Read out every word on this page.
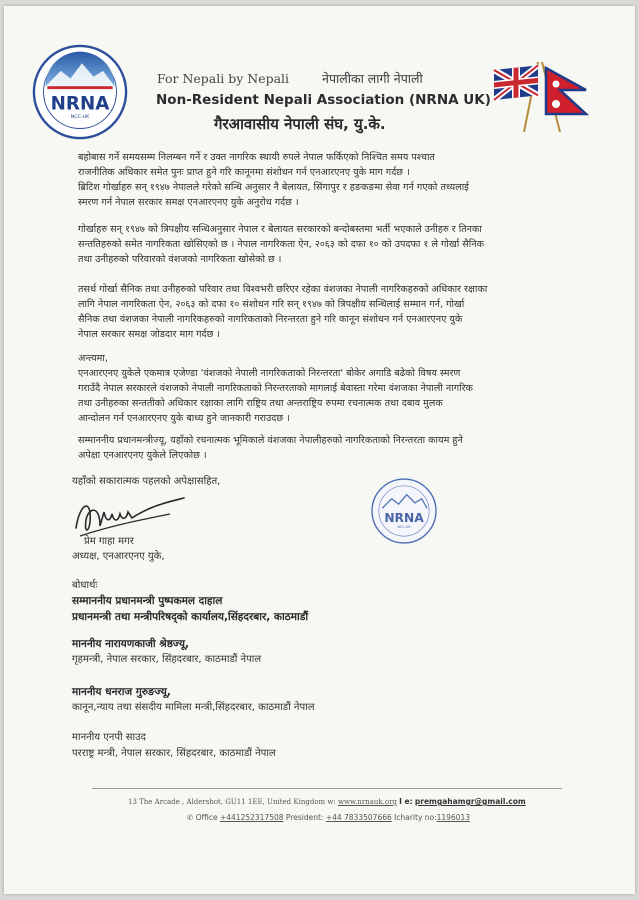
NRNA
NCC-UK
For Nepali by Nepali	नेपालीका लागी नेपाली
Non-Resident Nepali Association (NRNA UK)
गैरआवासीय नेपाली संघ, यु.के.
बहोबास गर्ने समयसम्म निलम्बन गर्ने र उक्त नागरिक स्थायी रुपले नेपाल फर्किएको निश्चित समय पश्चात
राजनीतिक अधिकार समेत पुनः प्राप्त हुने गरि कानूनमा संशोधन गर्न एनआरएनए युके माग गर्दछ ।
ब्रिटिश गोर्खाहरु सन् १९४७ नेपालले गरेको सन्धि अनुसार नै बेलायत, सिंगापुर र हङकङमा सेवा गर्न गएको तथ्यलाई
स्मरण गर्न नेपाल सरकार समक्ष एनआरएनए युके अनुरोध गर्दछ ।
गोर्खाहरु सन् १९४७ को त्रिपक्षीय सन्धिअनुसार नेपाल र बेलायत सरकारको बन्दोबस्तमा भर्ती भएकाले उनीहरु र तिनका
सन्ततिहरुको समेत नागरिकता खोसिएको छ । नेपाल नागरिकता ऐन, २०६३ को दफा १० को उपदफा १ ले गोर्खा सैनिक
तथा उनीहरुको परिवारको वंशजको नागरिकता खोसेको छ ।
तसर्थ गोर्खा सैनिक तथा उनीहरुको परिवार तथा विश्वभरी छरिएर रहेका वंशजका नेपाली नागरिकहरुको अधिकार रक्षाका
लागि नेपाल नागरिकता ऐन, २०६३ को दफा १० संशोधन गरि सन् १९४७ को त्रिपक्षीय सन्धिलाई सम्मान गर्न, गोर्खा
सैनिक तथा वंशजका नेपाली नागरिकहरुको नागरिकताको निरन्तरता हुने गरि कानून संशोधन गर्न एनआरएनए युके
नेपाल सरकार समक्ष जोडदार माग गर्दछ ।
अन्त्यमा,
एनआरएनए युकेले एकमात्र एजेण्डा 'वंशजको नेपाली नागरिकताको निरन्तरता' बोकेर अगाडि बढेको विषय स्मरण
गराउँदै नेपाल सरकारले वंशजको नेपाली नागरिकताको निरन्तरताको मागलाई बेवास्ता गरेमा वंशजका नेपाली नागरिक
तथा उनीहरुका सन्ततीको अधिकार रक्षाका लागि राष्ट्रिय तथा अन्तराष्ट्रिय रुपमा रचनात्मक तथा दबाव मुलक
आन्दोलन गर्न एनआरएनए युके बाध्य हुने जानकारी गराउदछ ।
सम्माननीय प्रधानमन्त्रीज्यू, यहाँको रचनात्मक भूमिकाले वंशजका नेपालीहरुको नागरिकताको निरन्तरता कायम हुने
अपेक्षा एनआरएनए युकेले लिएकोछ ।
यहाँको सकारात्मक पहलको अपेक्षासहित,
NRNA
NCC-UK
प्रेम गाहा मगर
अध्यक्ष, एनआरएनए युके,
बोधार्थः
सम्माननीय प्रधानमन्त्री पुष्पकमल दाहाल
प्रधानमन्त्री तथा मन्त्रीपरिषद्को कार्यालय,सिंहदरबार, काठमाडौं
माननीय नारायणकाजी श्रेष्ठज्यू,
गृहमन्त्री, नेपाल सरकार, सिंहदरबार, काठमाडौं नेपाल
माननीय धनराज गुरुङज्यू,
कानून,न्याय तथा संसदीय मामिला मन्त्री,सिंहदरबार, काठमाडौं नेपाल
माननीय एनपी साउद
परराष्ट्र मन्त्री, नेपाल सरकार, सिंहदरबार, काठमाडौं नेपाल
13 The Arcade , Aldershot, GU11 1EE, United Kingdom w: www.nrnauk.org I e: premgahamgr@gmail.com
✆ Office +441252317508 President: +44 7833507666 Icharity no:1196013
